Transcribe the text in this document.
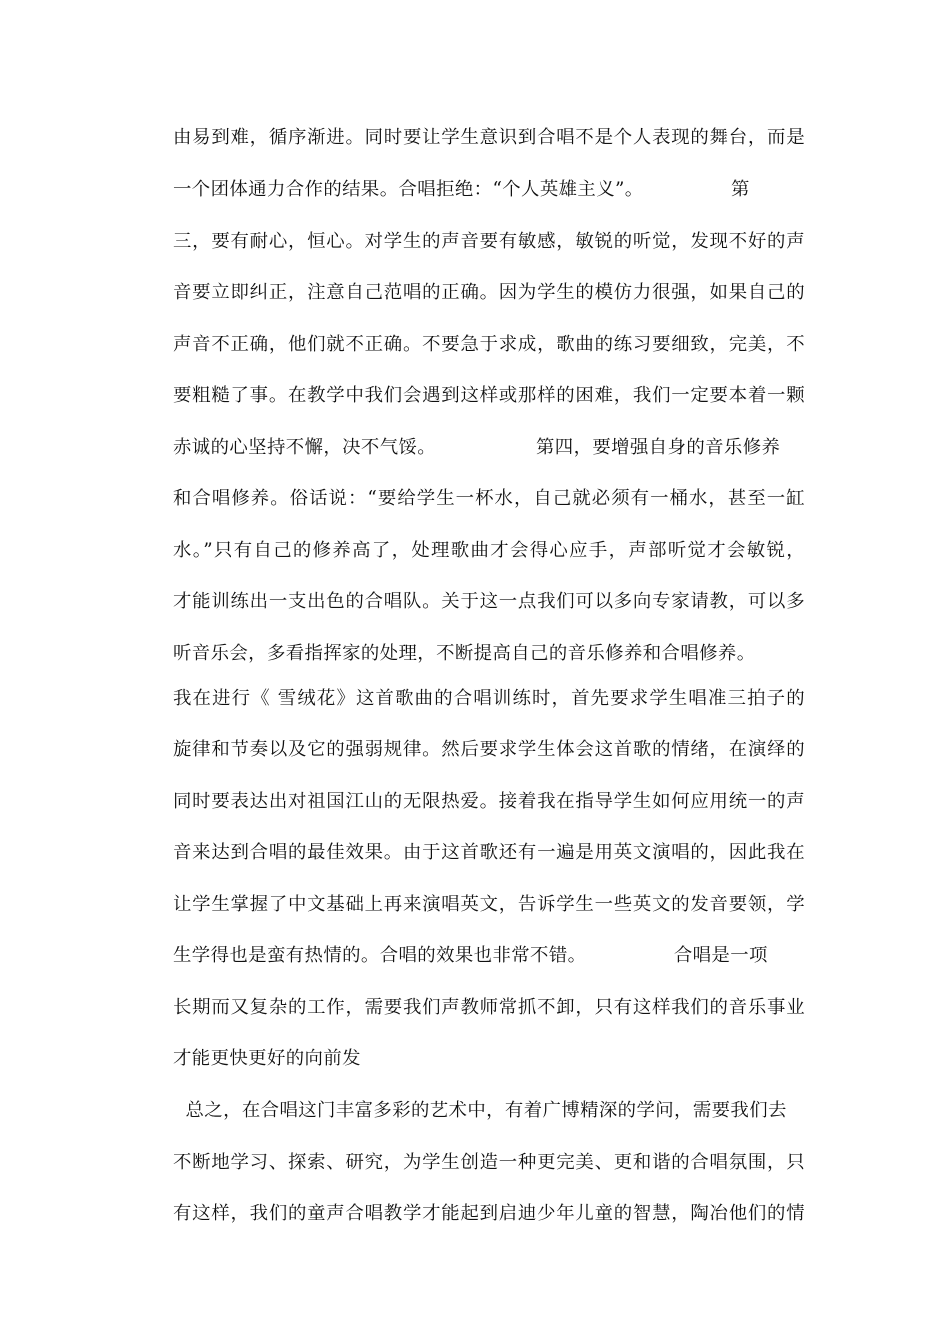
由易到难，循序渐进。同时要让学生意识到合唱不是个人表现的舞台，而是
一个团体通力合作的结果。合唱拒绝：“个人英雄主义”。              第
三，要有耐心，恒心。对学生的声音要有敏感，敏锐的听觉，发现不好的声
音要立即纠正，注意自己范唱的正确。因为学生的模仿力很强，如果自己的
声音不正确，他们就不正确。不要急于求成，歌曲的练习要细致，完美，不
要粗糙了事。在教学中我们会遇到这样或那样的困难，我们一定要本着一颗
赤诚的心坚持不懈，决不气馁。                第四，要增强自身的音乐修养
和合唱修养。俗话说：“要给学生一杯水，自己就必须有一桶水，甚至一缸
水。”只有自己的修养高了，处理歌曲才会得心应手，声部听觉才会敏锐，
才能训练出一支出色的合唱队。关于这一点我们可以多向专家请教，可以多
听音乐会，多看指挥家的处理，不断提高自己的音乐修养和合唱修养。
我在进行《 雪绒花》这首歌曲的合唱训练时，首先要求学生唱准三拍子的
旋律和节奏以及它的强弱规律。然后要求学生体会这首歌的情绪，在演绎的
同时要表达出对祖国江山的无限热爱。接着我在指导学生如何应用统一的声
音来达到合唱的最佳效果。由于这首歌还有一遍是用英文演唱的，因此我在
让学生掌握了中文基础上再来演唱英文，告诉学生一些英文的发音要领，学
生学得也是蛮有热情的。合唱的效果也非常不错。              合唱是一项
长期而又复杂的工作，需要我们声教师常抓不卸，只有这样我们的音乐事业
才能更快更好的向前发
总之，在合唱这门丰富多彩的艺术中，有着广博精深的学问，需要我们去
不断地学习、探索、研究，为学生创造一种更完美、更和谐的合唱氛围，只
有这样，我们的童声合唱教学才能起到启迪少年儿童的智慧，陶冶他们的情
